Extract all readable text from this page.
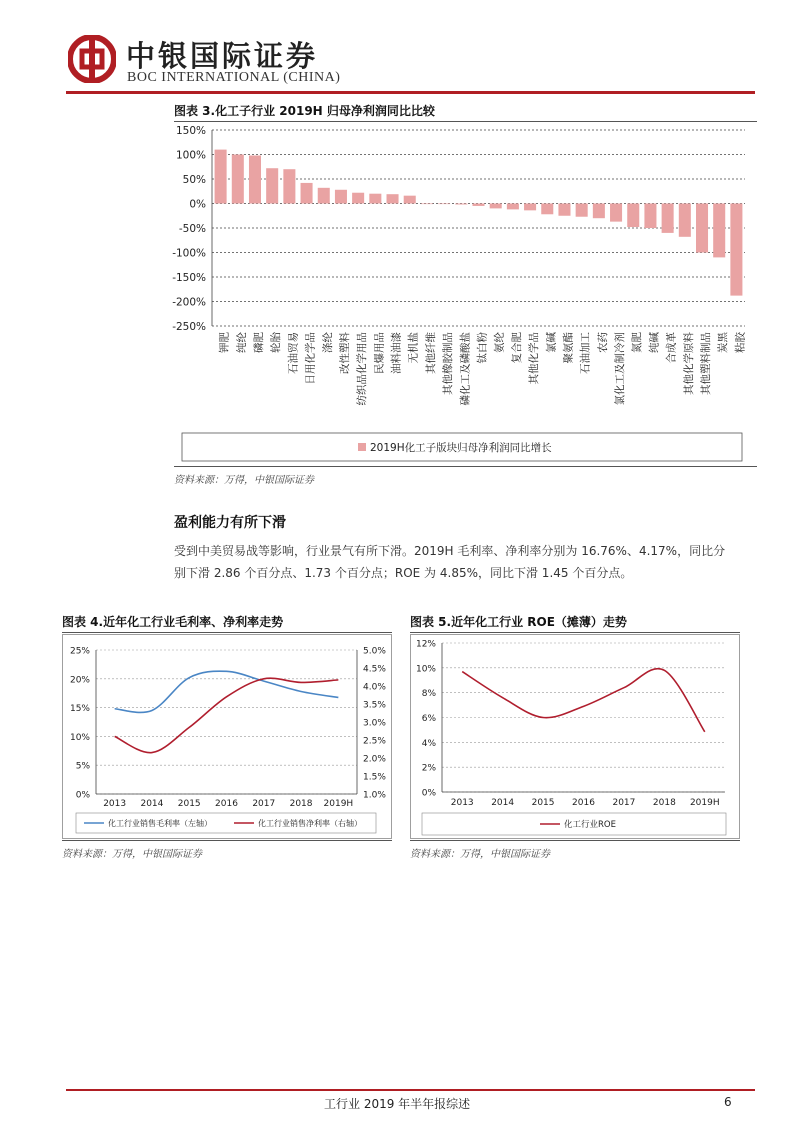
中银国际证券
BOC INTERNATIONAL (CHINA)
图表 3.化工子行业 2019H 归母净利润同比比较
150%
100%
50%
0%
-50%
-100%
-150%
-200%
-250%
钾肥 纯纶 磷肥 轮胎 石油贸易 日用化学品 涤纶 改性塑料 纺织品化学用品 民爆用品 油料油漆 无机盐 其他纤维 其他橡胶制品 磷化工及磷酸盐 钛白粉 氨纶 复合肥 其他化学品 氯碱 聚氨酯 石油加工 农药 氯化工及制冷剂 氮肥 纯碱 合成革 其他化学原料 其他塑料制品 炭黑 粘胶
2019H化工子版块归母净利润同比增长
资料来源：万得，中银国际证券
盈利能力有所下滑
受到中美贸易战等影响，行业景气有所下滑。2019H 毛利率、净利率分别为 16.76%、4.17%，同比分
别下滑 2.86 个百分点、1.73 个百分点；ROE 为 4.85%，同比下滑 1.45 个百分点。
图表 4.近年化工行业毛利率、净利率走势
25%
20%
15%
10%
5%
0%
5.0%
4.5%
4.0%
3.5%
3.0%
2.5%
2.0%
1.5%
1.0%
2013 2014 2015 2016 2017 2018 2019H
化工行业销售毛利率（左轴）	化工行业销售净利率（右轴）
资料来源：万得，中银国际证券
图表 5.近年化工行业 ROE（摊薄）走势
12%
10%
8%
6%
4%
2%
0%
2013 2014 2015 2016 2017 2018 2019H
化工行业ROE
资料来源：万得，中银国际证券
工行业 2019 年半年报综述	6
